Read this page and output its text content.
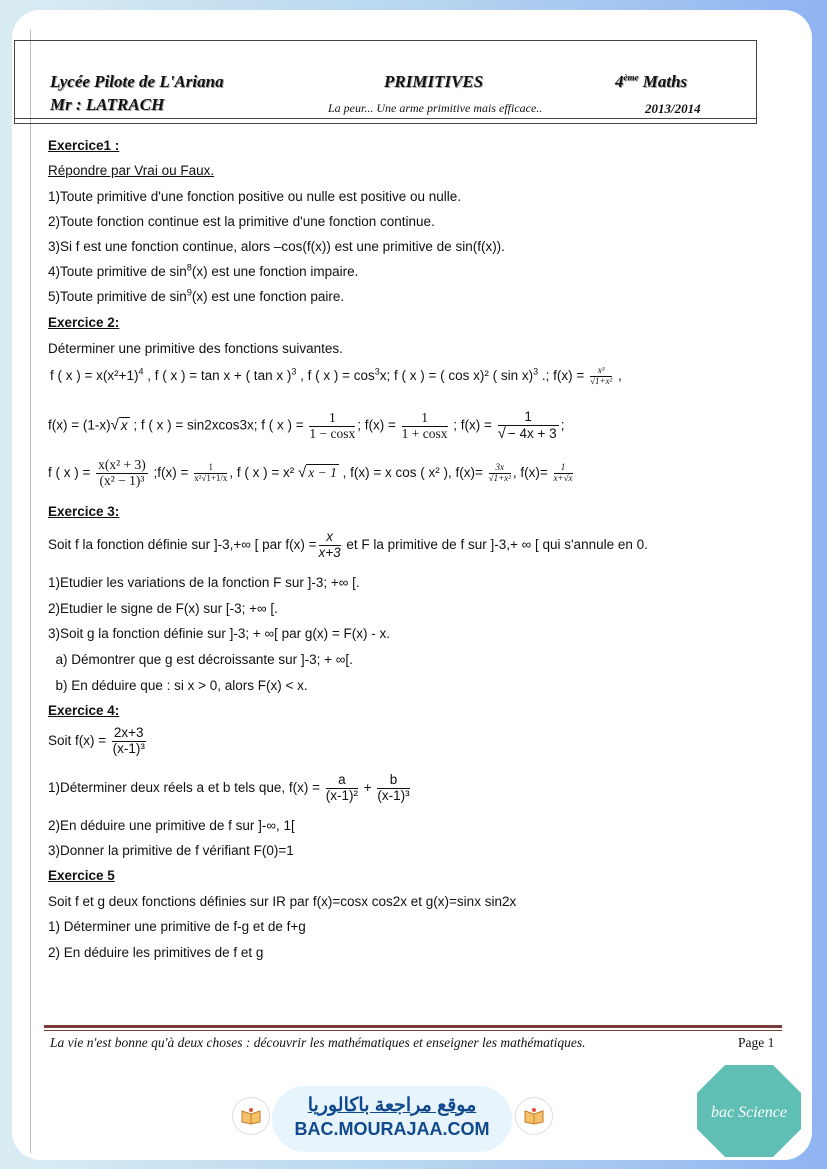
Lycée Pilote de L'Ariana
Mr : LATRACH
PRIMITIVES
La peur... Une arme primitive mais efficace..
4ème Maths
2013/2014
Exercice1 :
Répondre par Vrai ou Faux.
1)Toute primitive d'une fonction positive ou nulle est positive ou nulle.
2)Toute fonction continue est la primitive d'une fonction continue.
3)Si f est une fonction continue, alors –cos(f(x)) est une primitive de sin(f(x)).
4)Toute primitive de $\sin^8(x)$ est une fonction impaire.
5)Toute primitive de $\sin^9(x)$ est une fonction paire.
Exercice 2:
Déterminer une primitive des fonctions suivantes.
f ( x ) = $x(x^2+1)^4$ , f ( x ) = tan x + ( tan x )$^3$ , f ( x ) = $\cos^3x$; f ( x ) = ( cos x)² ( sin x)$^3$ .; $f(x) = \frac{\text{x³}}{\text{√1+x²}}$ ,
f(x) = (1-x)√ x ; f ( x ) = sin2xcos3x; f ( x ) = $\frac{1}{1 - \cos x}$ ; $f(x) = \frac{1}{1 + \cos x}$ ; $f(x) = \frac{1}{√ - 4x + 3}$ ;
f ( x ) = $\frac{\text{x(x² + 3)}}{\text{(x² − 1)³}}$ ;f(x) = $\frac{1}{\text{x²√1+1/x}}$ , f ( x ) = x² √ x − 1 , f(x) = x cos ( x² ), $f(x)= \frac{3x}{\text{√1+x²}}$ , $f(x)= \frac{1}{x+√x}$
Exercice 3:
Soit f la fonction définie sur ]-3,+∞ [ par $f(x) = \frac{x}{x+3}$ et F la primitive de f sur ]-3,+ ∞ [ qui s'annule en 0.
1)Etudier les variations de la fonction F sur ]-3; +∞ [.
2)Etudier le signe de F(x) sur [-3; +∞ [.
3)Soit g la fonction définie sur ]-3; + ∞[ par g(x) = F(x) - x.
a) Démontrer que g est décroissante sur ]-3; + ∞[.
b) En déduire que : si x > 0, alors F(x) < x.
Exercice 4:
Soit $f(x) = \frac{2x+3}{\text{(x-1)³}}$
1)Déterminer deux réels a et b tels que, $f(x) = \frac{a}{\text{(x-1)²}} + \frac{b}{\text{(x-1)³}}$
2)En déduire une primitive de f sur ]-∞, 1[
3)Donner la primitive de f vérifiant F(0)=1
Exercice 5
Soit f et g deux fonctions définies sur IR par f(x)=cosx cos2x et g(x)=sinx sin2x
1) Déterminer une primitive de f-g et de f+g
2) En déduire les primitives de f et g
La vie n'est bonne qu'à deux choses : découvrir les mathématiques et enseigner les mathématiques.	Page 1
موقع مراجعة باكالوريا
BAC.MOURAJAA.COM
bac Science
